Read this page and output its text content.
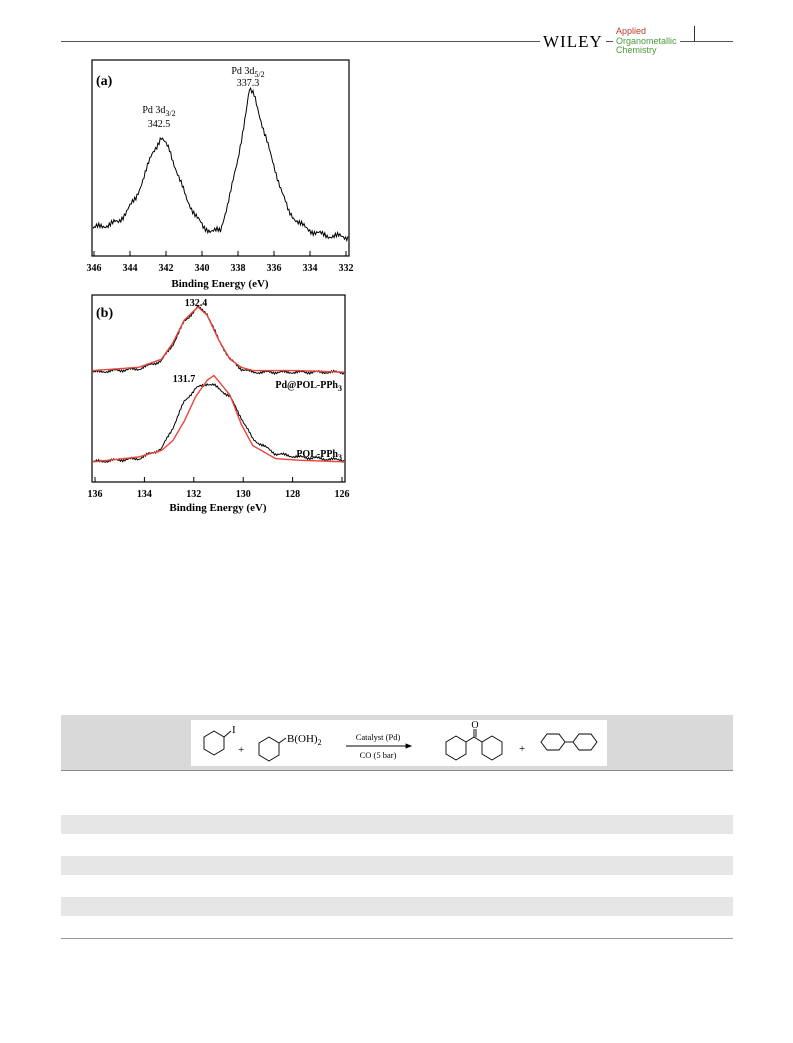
WILEY
Applied
Organometallic
Chemistry
(a)
346 344 342 340 338 336 334 332
Pd $3d_{3/2}$
342.5
Pd $3d_{5/2}$
337.3
Binding Energy (eV)
(b)
136	134	132	130	128	126
132.4
131.7
Pd@POL-PPh$_3$
POL-PPh$_3$
Binding Energy (eV)
I
+
$B(OH)_2$
Catalyst (Pd)
CO (5 bar)
O
+
